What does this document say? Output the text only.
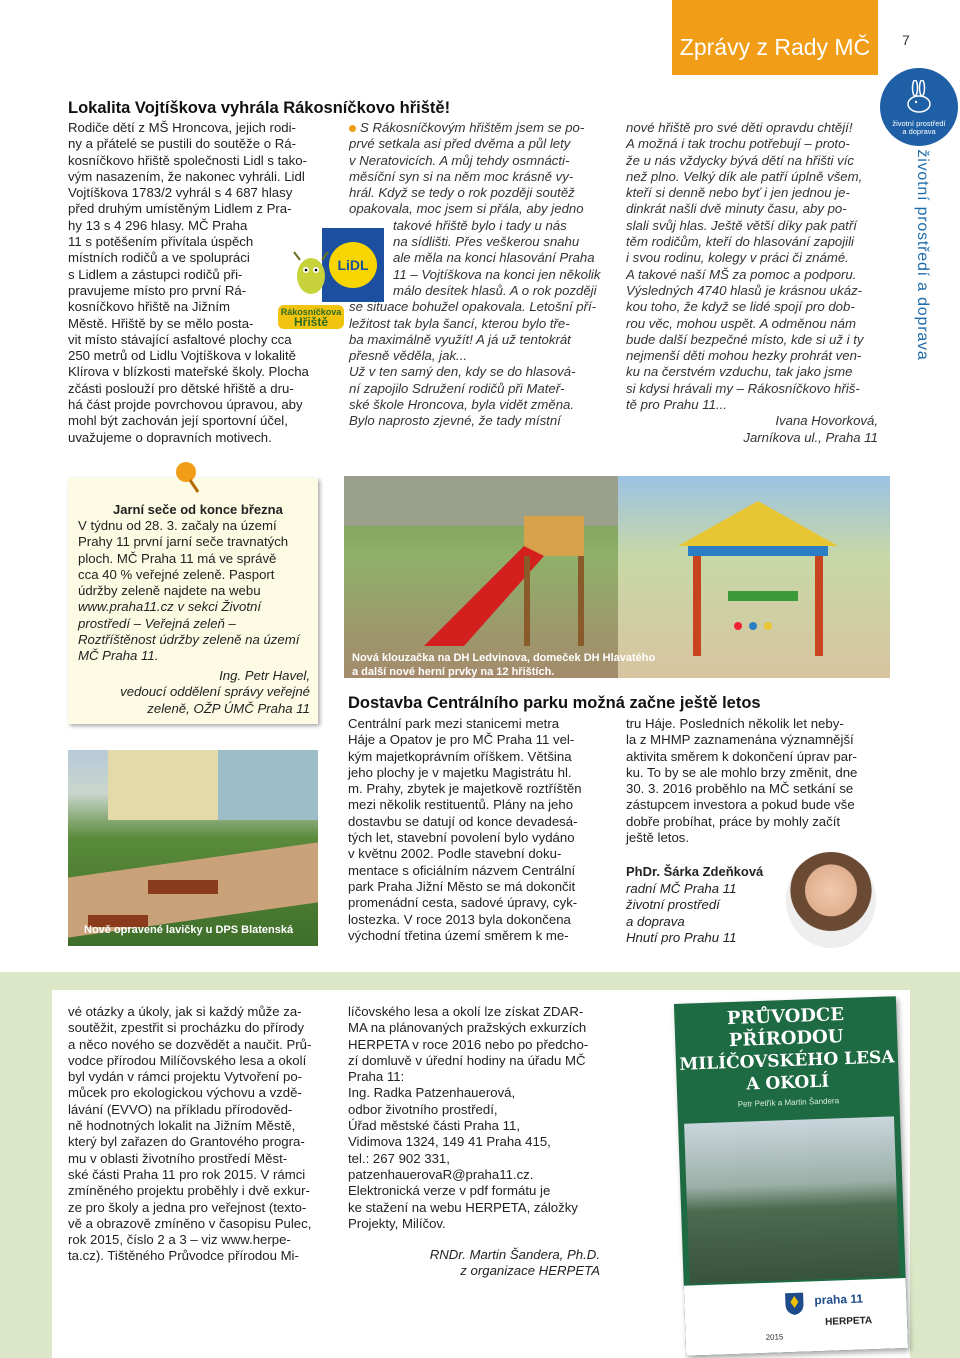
Zprávy z Rady MČ	7
životní prostředí
a doprava
životní prostředí a doprava
Lokalita Vojtíškova vyhrála Rákosníčkovo hřiště!
Rodiče dětí z MŠ Hroncova, jejich rodi-
ny a přátelé se pustili do soutěže o Rá-
kosníčkovo hřiště společnosti Lidl s tako-
vým nasazením, že nakonec vyhráli. Lidl
Vojtíškova 1783/2 vyhrál s 4 687 hlasy
před druhým umístěným Lidlem z Pra-
hy 13 s 4 296 hlasy. MČ Praha
11 s potěšením přivítala úspěch
místních rodičů a ve spolupráci
s Lidlem a zástupci rodičů při-
pravujeme místo pro první Rá-
kosníčkovo hřiště na Jižním
Městě. Hřiště by se mělo posta-
vit místo stávající asfaltové plochy cca
250 metrů od Lidlu Vojtíškova v lokalitě
Klírova v blízkosti mateřské školy. Plocha
zčásti poslouží pro dětské hřiště a dru-
há část projde povrchovou úpravou, aby
mohl být zachován její sportovní účel,
uvažujeme o dopravních motivech.
LiDL
Rákosníčkova
Hřiště
S Rákosníčkovým hřištěm jsem se po-
prvé setkala asi před dvěma a půl lety
v Neratovicích. A můj tehdy osmnácti-
měsíční syn si na něm moc krásně vy-
hrál. Když se tedy o rok později soutěž
opakovala, moc jsem si přála, aby jedno
takové hřiště bylo i tady u nás
na sídlišti. Přes veškerou snahu
ale měla na konci hlasování Praha
11 – Vojtíškova na konci jen několik
málo desítek hlasů. A o rok později
se situace bohužel opakovala. Letošní pří-
ležitost tak byla šancí, kterou bylo tře-
ba maximálně využít! A já už tentokrát
přesně věděla, jak...
Už v ten samý den, kdy se do hlasová-
ní zapojilo Sdružení rodičů při Mateř-
ské škole Hroncova, byla vidět změna.
Bylo naprosto zjevné, že tady místní
nové hřiště pro své děti opravdu chtějí!
A možná i tak trochu potřebují – proto-
že u nás vždycky bývá dětí na hřišti víc
než plno. Velký dík ale patří úplně všem,
kteří si denně nebo byť i jen jednou je-
dinkrát našli dvě minuty času, aby po-
slali svůj hlas. Ještě větší díky pak patří
těm rodičům, kteří do hlasování zapojili
i svou rodinu, kolegy v práci či známé.
A takové naší MŠ za pomoc a podporu.
Výsledných 4740 hlasů je krásnou ukáz-
kou toho, že když se lidé spojí pro dob-
rou věc, mohou uspět. A odměnou nám
bude další bezpečné místo, kde si už i ty
nejmenší děti mohou hezky prohrát ven-
ku na čerstvém vzduchu, tak jako jsme
si kdysi hrávali my – Rákosníčkovo hřiš-
tě pro Prahu 11...
Ivana Hovorková,
Jarníkova ul., Praha 11
Jarní seče od konce března
V týdnu od 28. 3. začaly na území
Prahy 11 první jarní seče travnatých
ploch. MČ Praha 11 má ve správě
cca 40 % veřejné zeleně. Pasport
údržby zeleně najdete na webu
www.praha11.cz v sekci Životní
prostředí – Veřejná zeleň –
Roztříštěnost údržby zeleně na území
MČ Praha 11.
Ing. Petr Havel,
vedoucí oddělení správy veřejné
zeleně, OŽP ÚMČ Praha 11
Nově opravené lavičky u DPS Blatenská
Nová klouzačka na DH Ledvinova, domeček DH Hlavatého
a další nové herní prvky na 12 hřištích.
Dostavba Centrálního parku možná začne ještě letos
Centrální park mezi stanicemi metra
Háje a Opatov je pro MČ Praha 11 vel-
kým majetkoprávním oříškem. Většina
jeho plochy je v majetku Magistrátu hl.
m. Prahy, zbytek je majetkově roztříštěn
mezi několik restituentů. Plány na jeho
dostavbu se datují od konce devadesá-
tých let, stavební povolení bylo vydáno
v květnu 2002. Podle stavební doku-
mentace s oficiálním názvem Centrální
park Praha Jižní Město se má dokončit
promenádní cesta, sadové úpravy, cyk-
lostezka. V roce 2013 byla dokončena
východní třetina území směrem k me-
tru Háje. Posledních několik let neby-
la z MHMP zaznamenána významnější
aktivita směrem k dokončení úprav par-
ku. To by se ale mohlo brzy změnit, dne
30. 3. 2016 proběhlo na MČ setkání se
zástupcem investora a pokud bude vše
dobře probíhat, práce by mohly začít
ještě letos.
PhDr. Šárka Zdeňková
radní MČ Praha 11
životní prostředí
a doprava
Hnutí pro Prahu 11
vé otázky a úkoly, jak si každý může za-
soutěžit, zpestřit si procházku do přírody
a něco nového se dozvědět a naučit. Prů-
vodce přírodou Milíčovského lesa a okolí
byl vydán v rámci projektu Vytvoření po-
můcek pro ekologickou výchovu a vzdě-
lávání (EVVO) na příkladu přírodověd-
ně hodnotných lokalit na Jižním Městě,
který byl zařazen do Grantového progra-
mu v oblasti životního prostředí Měst-
ské části Praha 11 pro rok 2015. V rámci
zmíněného projektu proběhly i dvě exkur-
ze pro školy a jedna pro veřejnost (texto-
vě a obrazově zmíněno v časopisu Pulec,
rok 2015, číslo 2 a 3 – viz www.herpe-
ta.cz). Tištěného Průvodce přírodou Mi-
líčovského lesa a okolí lze získat ZDAR-
MA na plánovaných pražských exkurzích
HERPETA v roce 2016 nebo po předcho-
zí domluvě v úřední hodiny na úřadu MČ
Praha 11:
Ing. Radka Patzenhauerová,
odbor životního prostředí,
Úřad městské části Praha 11,
Vidimova 1324, 149 41 Praha 415,
tel.: 267 902 331,
patzenhauerovaR@praha11.cz.
Elektronická verze v pdf formátu je
ke stažení na webu HERPETA, záložky
Projekty, Milíčov.
RNDr. Martin Šandera, Ph.D.
z organizace HERPETA
PRŮVODCE PŘÍRODOU
MILÍČOVSKÉHO LESA
A OKOLÍ
Petr Petřík a Martin Šandera
praha 11
HERPETA
2015
